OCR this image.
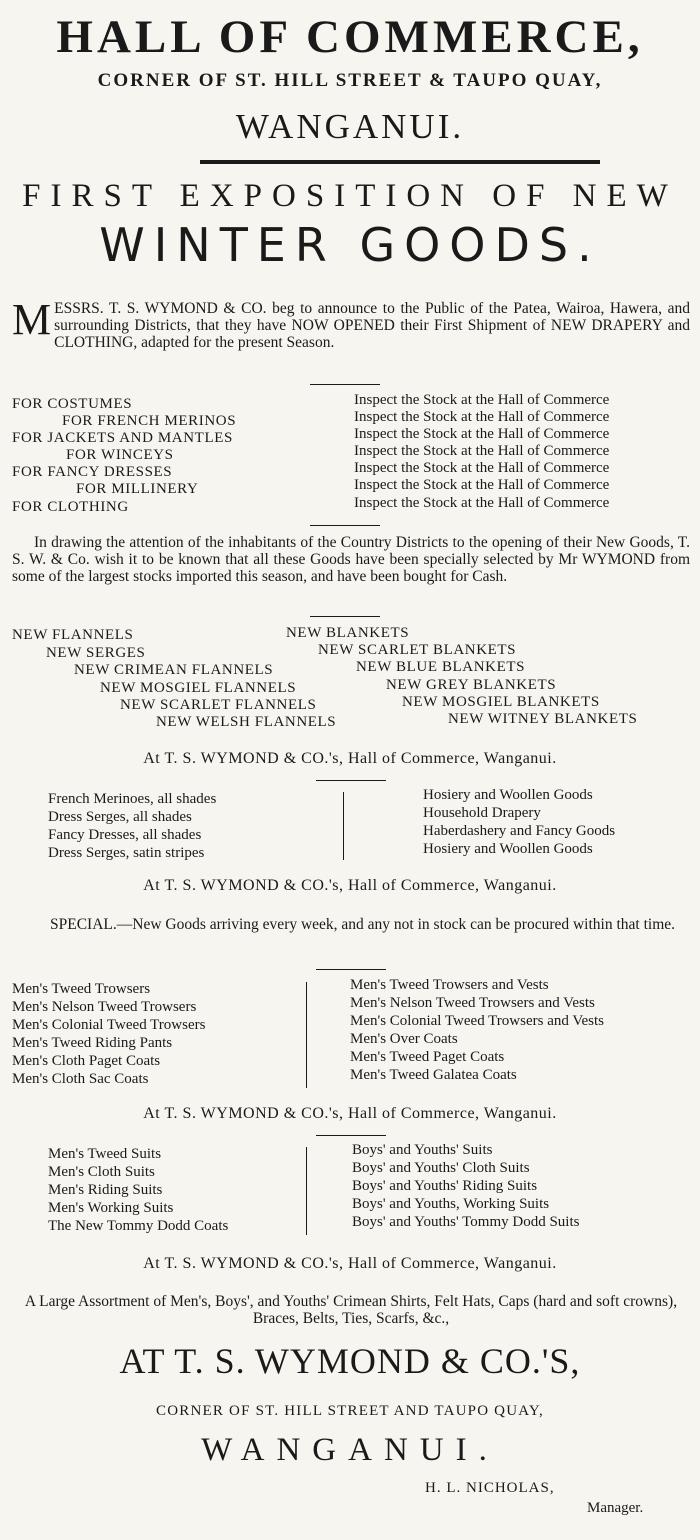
HALL OF COMMERCE,
CORNER OF ST. HILL STREET & TAUPO QUAY,
WANGANUI.
FIRST EXPOSITION OF NEW
WINTER GOODS.
MESSRS. T. S. WYMOND & CO. beg to announce to the Public of the Patea, Wairoa, Hawera, and surrounding Districts, that they have NOW OPENED their First Shipment of NEW DRAPERY and CLOTHING, adapted for the present Season.
FOR COSTUMES
FOR FRENCH MERINOS
FOR JACKETS AND MANTLES
FOR WINCEYS
FOR FANCY DRESSES
FOR MILLINERY
FOR CLOTHING
Inspect the Stock at the Hall of Commerce
Inspect the Stock at the Hall of Commerce
Inspect the Stock at the Hall of Commerce
Inspect the Stock at the Hall of Commerce
Inspect the Stock at the Hall of Commerce
Inspect the Stock at the Hall of Commerce
Inspect the Stock at the Hall of Commerce
In drawing the attention of the inhabitants of the Country Districts to the opening of their New Goods, T. S. W. & Co. wish it to be known that all these Goods have been specially selected by Mr WYMOND from some of the largest stocks imported this season, and have been bought for Cash.
NEW FLANNELS
NEW SERGES
NEW CRIMEAN FLANNELS
NEW MOSGIEL FLANNELS
NEW SCARLET FLANNELS
NEW WELSH FLANNELS
NEW BLANKETS
NEW SCARLET BLANKETS
NEW BLUE BLANKETS
NEW GREY BLANKETS
NEW MOSGIEL BLANKETS
NEW WITNEY BLANKETS
At T. S. WYMOND & CO.'s, Hall of Commerce, Wanganui.
French Merinoes, all shades
Dress Serges, all shades
Fancy Dresses, all shades
Dress Serges, satin stripes
Hosiery and Woollen Goods
Household Drapery
Haberdashery and Fancy Goods
Hosiery and Woollen Goods
At T. S. WYMOND & CO.'s, Hall of Commerce, Wanganui.
SPECIAL.—New Goods arriving every week, and any not in stock can be procured within that time.
Men's Tweed Trowsers
Men's Nelson Tweed Trowsers
Men's Colonial Tweed Trowsers
Men's Tweed Riding Pants
Men's Cloth Paget Coats
Men's Cloth Sac Coats
Men's Tweed Trowsers and Vests
Men's Nelson Tweed Trowsers and Vests
Men's Colonial Tweed Trowsers and Vests
Men's Over Coats
Men's Tweed Paget Coats
Men's Tweed Galatea Coats
At T. S. WYMOND & CO.'s, Hall of Commerce, Wanganui.
Men's Tweed Suits
Men's Cloth Suits
Men's Riding Suits
Men's Working Suits
The New Tommy Dodd Coats
Boys' and Youths' Suits
Boys' and Youths' Cloth Suits
Boys' and Youths' Riding Suits
Boys' and Youths, Working Suits
Boys' and Youths' Tommy Dodd Suits
At T. S. WYMOND & CO.'s, Hall of Commerce, Wanganui.
A Large Assortment of Men's, Boys', and Youths' Crimean Shirts, Felt Hats, Caps (hard and soft crowns), Braces, Belts, Ties, Scarfs, &c.,
AT T. S. WYMOND & CO.'S,
CORNER OF ST. HILL STREET AND TAUPO QUAY,
WANGANUI.
H. L. NICHOLAS,
Manager.
